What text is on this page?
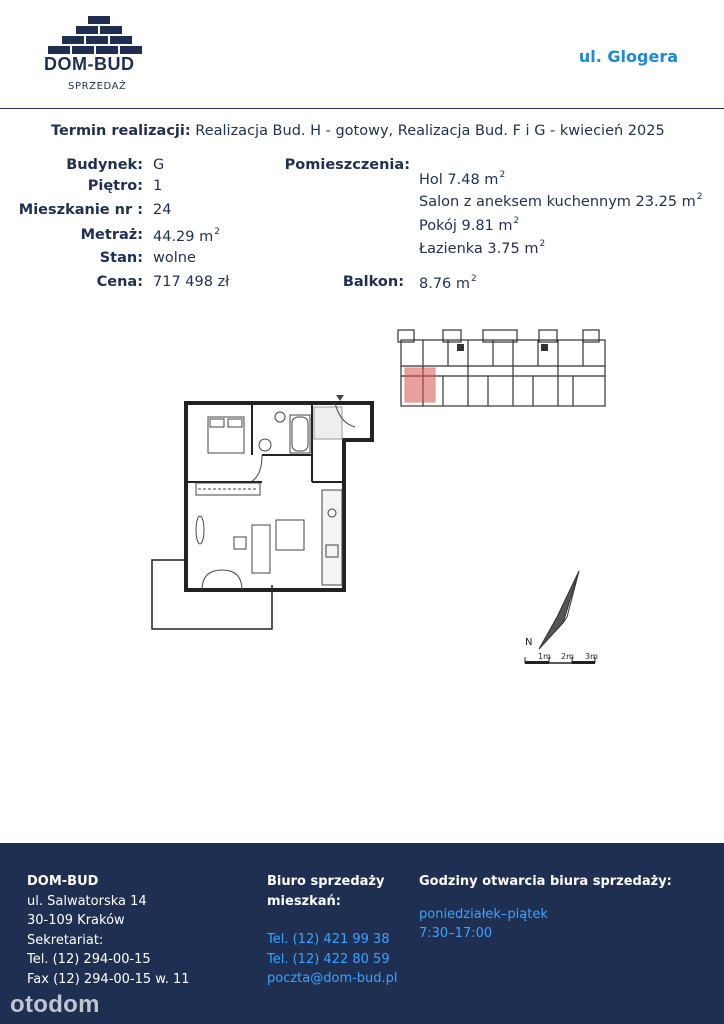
DOM-BUD
SPRZEDAŻ
ul. Glogera
Termin realizacji: Realizacja Bud. H - gotowy, Realizacja Bud. F i G - kwiecień 2025
Budynek: G
Piętro: 1
Mieszkanie nr : 24
Metraż: 44.29 $m^2$
Stan: wolne
Cena: 717 498 zł
Pomieszczenia:
Hol 7.48 $m^2$
Salon z aneksem kuchennym 23.25 $m^2$
Pokój 9.81 $m^2$
Łazienka 3.75 $m^2$
Balkon: 8.76 $m^2$
N
1m 2m 3m
DOM-BUD
ul. Salwatorska 14
30-109 Kraków
Sekretariat:
Tel. (12) 294-00-15
Fax (12) 294-00-15 w. 11
Biuro sprzedaży
mieszkań:
Tel. (12) 421 99 38
Tel. (12) 422 80 59
poczta@dom-bud.pl
Godziny otwarcia biura sprzedaży:
poniedziałek–piątek
7:30–17:00
otodom
